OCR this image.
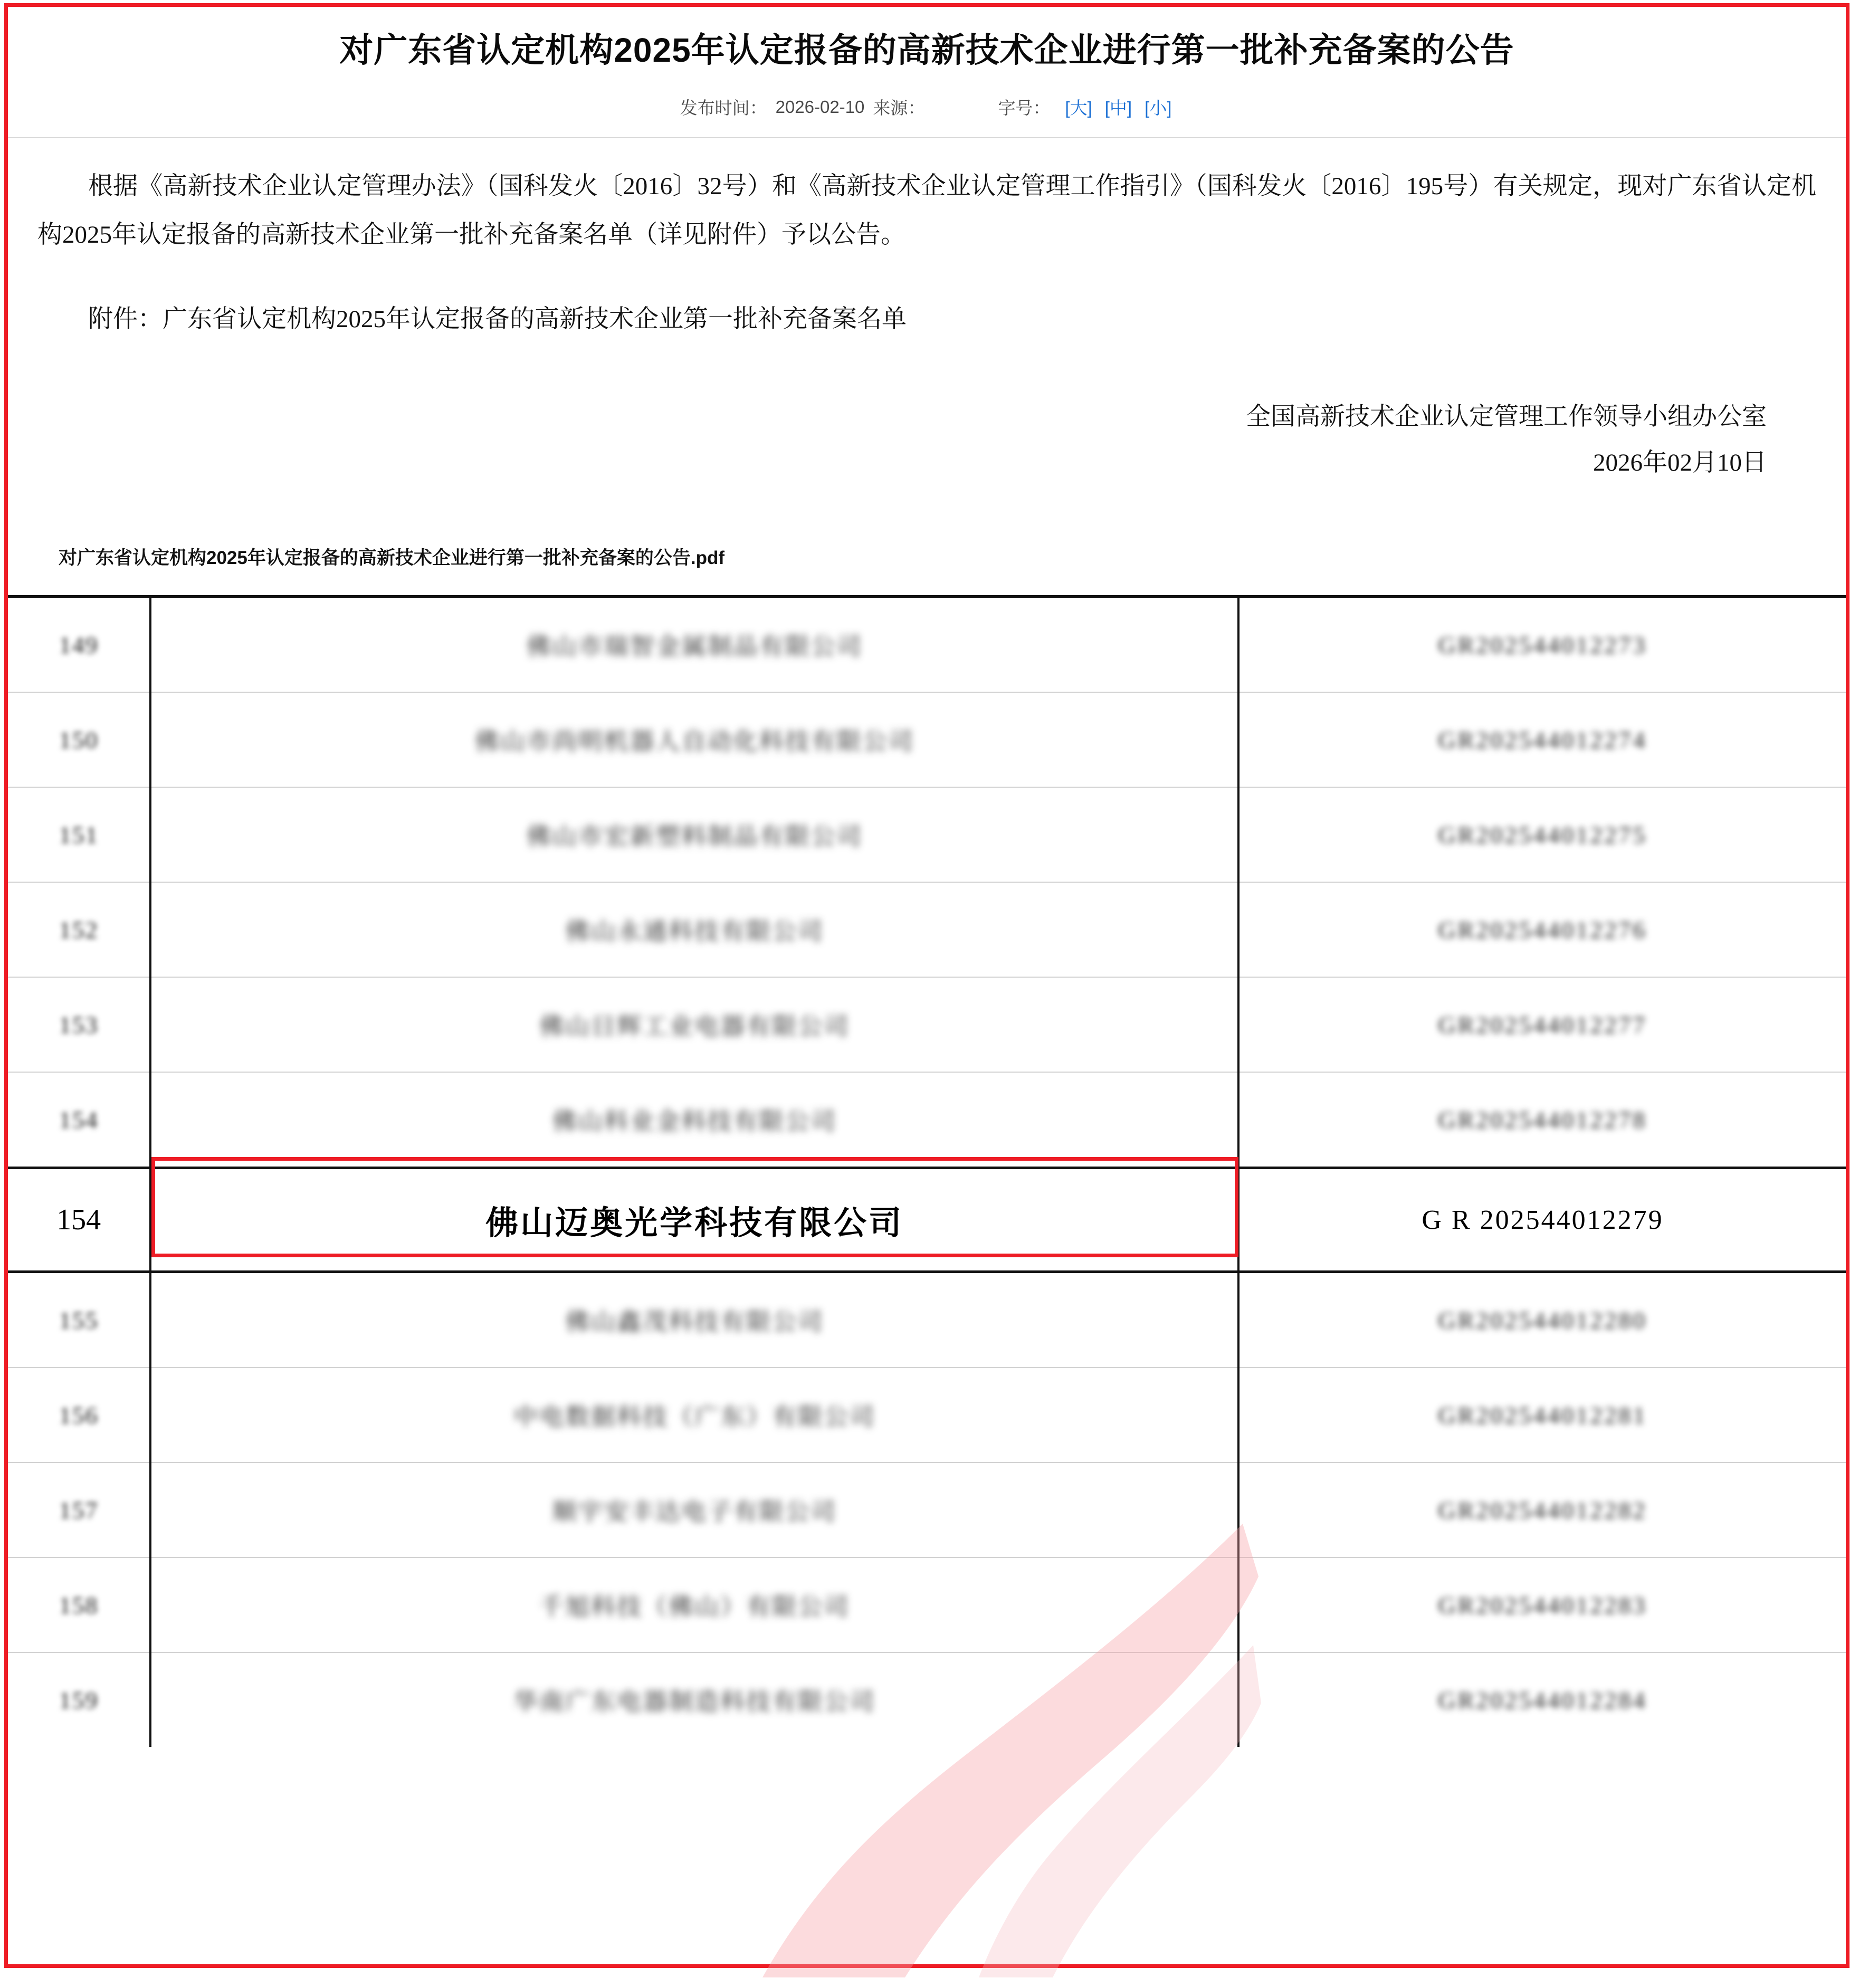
对广东省认定机构2025年认定报备的高新技术企业进行第一批补充备案的公告
发布时间： 2026-02-10 来源：	字号： [大] [中] [小]

根据《高新技术企业认定管理办法》（国科发火〔2016〕32号）和《高新技术企业认定管理工作指引》（国科发火〔2016〕195号）有关规定，现对广东省认定机构2025年认定报备的高新技术企业第一批补充备案名单（详见附件）予以公告。

附件：广东省认定机构2025年认定报备的高新技术企业第一批补充备案名单
全国高新技术企业认定管理工作领导小组办公室
2026年02月10日
对广东省认定机构2025年认定报备的高新技术企业进行第一批补充备案的公告.pdf
149	佛山市瑞智金属制品有限公司	GR202544012273
150	佛山市尚明机器人自动化科技有限公司	GR202544012274
151	佛山市宏新塑料制品有限公司	GR202544012275
152	佛山永通科技有限公司	GR202544012276
153	佛山日辉工业电器有限公司	GR202544012277
154	佛山科业金科技有限公司	GR202544012278
154	佛山迈奥光学科技有限公司	G R 202544012279
155	佛山鑫茂科技有限公司	GR202544012280
156	中电数据科技（广东）有限公司	GR202544012281
157	顺宇安丰达电子有限公司	GR202544012282
158	千旭科技（佛山）有限公司	GR202544012283
159	华南广东电器制造科技有限公司	GR202544012284
